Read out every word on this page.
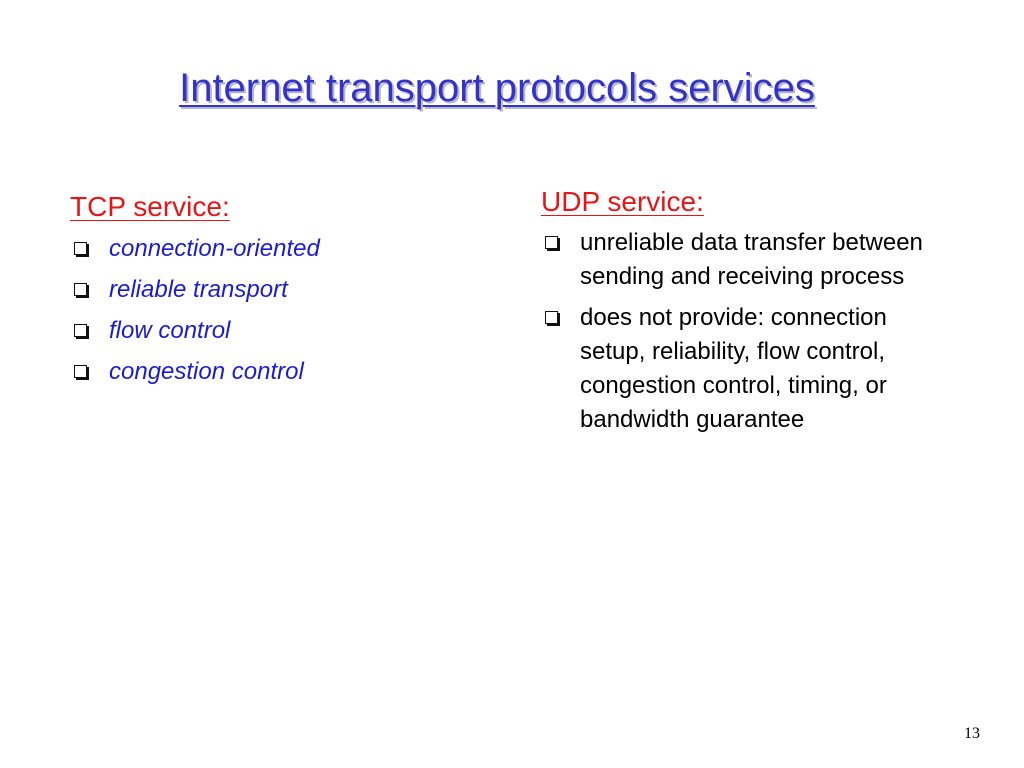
Internet transport protocols services
TCP service:
connection-oriented
reliable transport
flow control
congestion control
UDP service:
unreliable data transfer between sending and receiving process
does not provide: connection setup, reliability, flow control, congestion control, timing, or bandwidth guarantee
13
